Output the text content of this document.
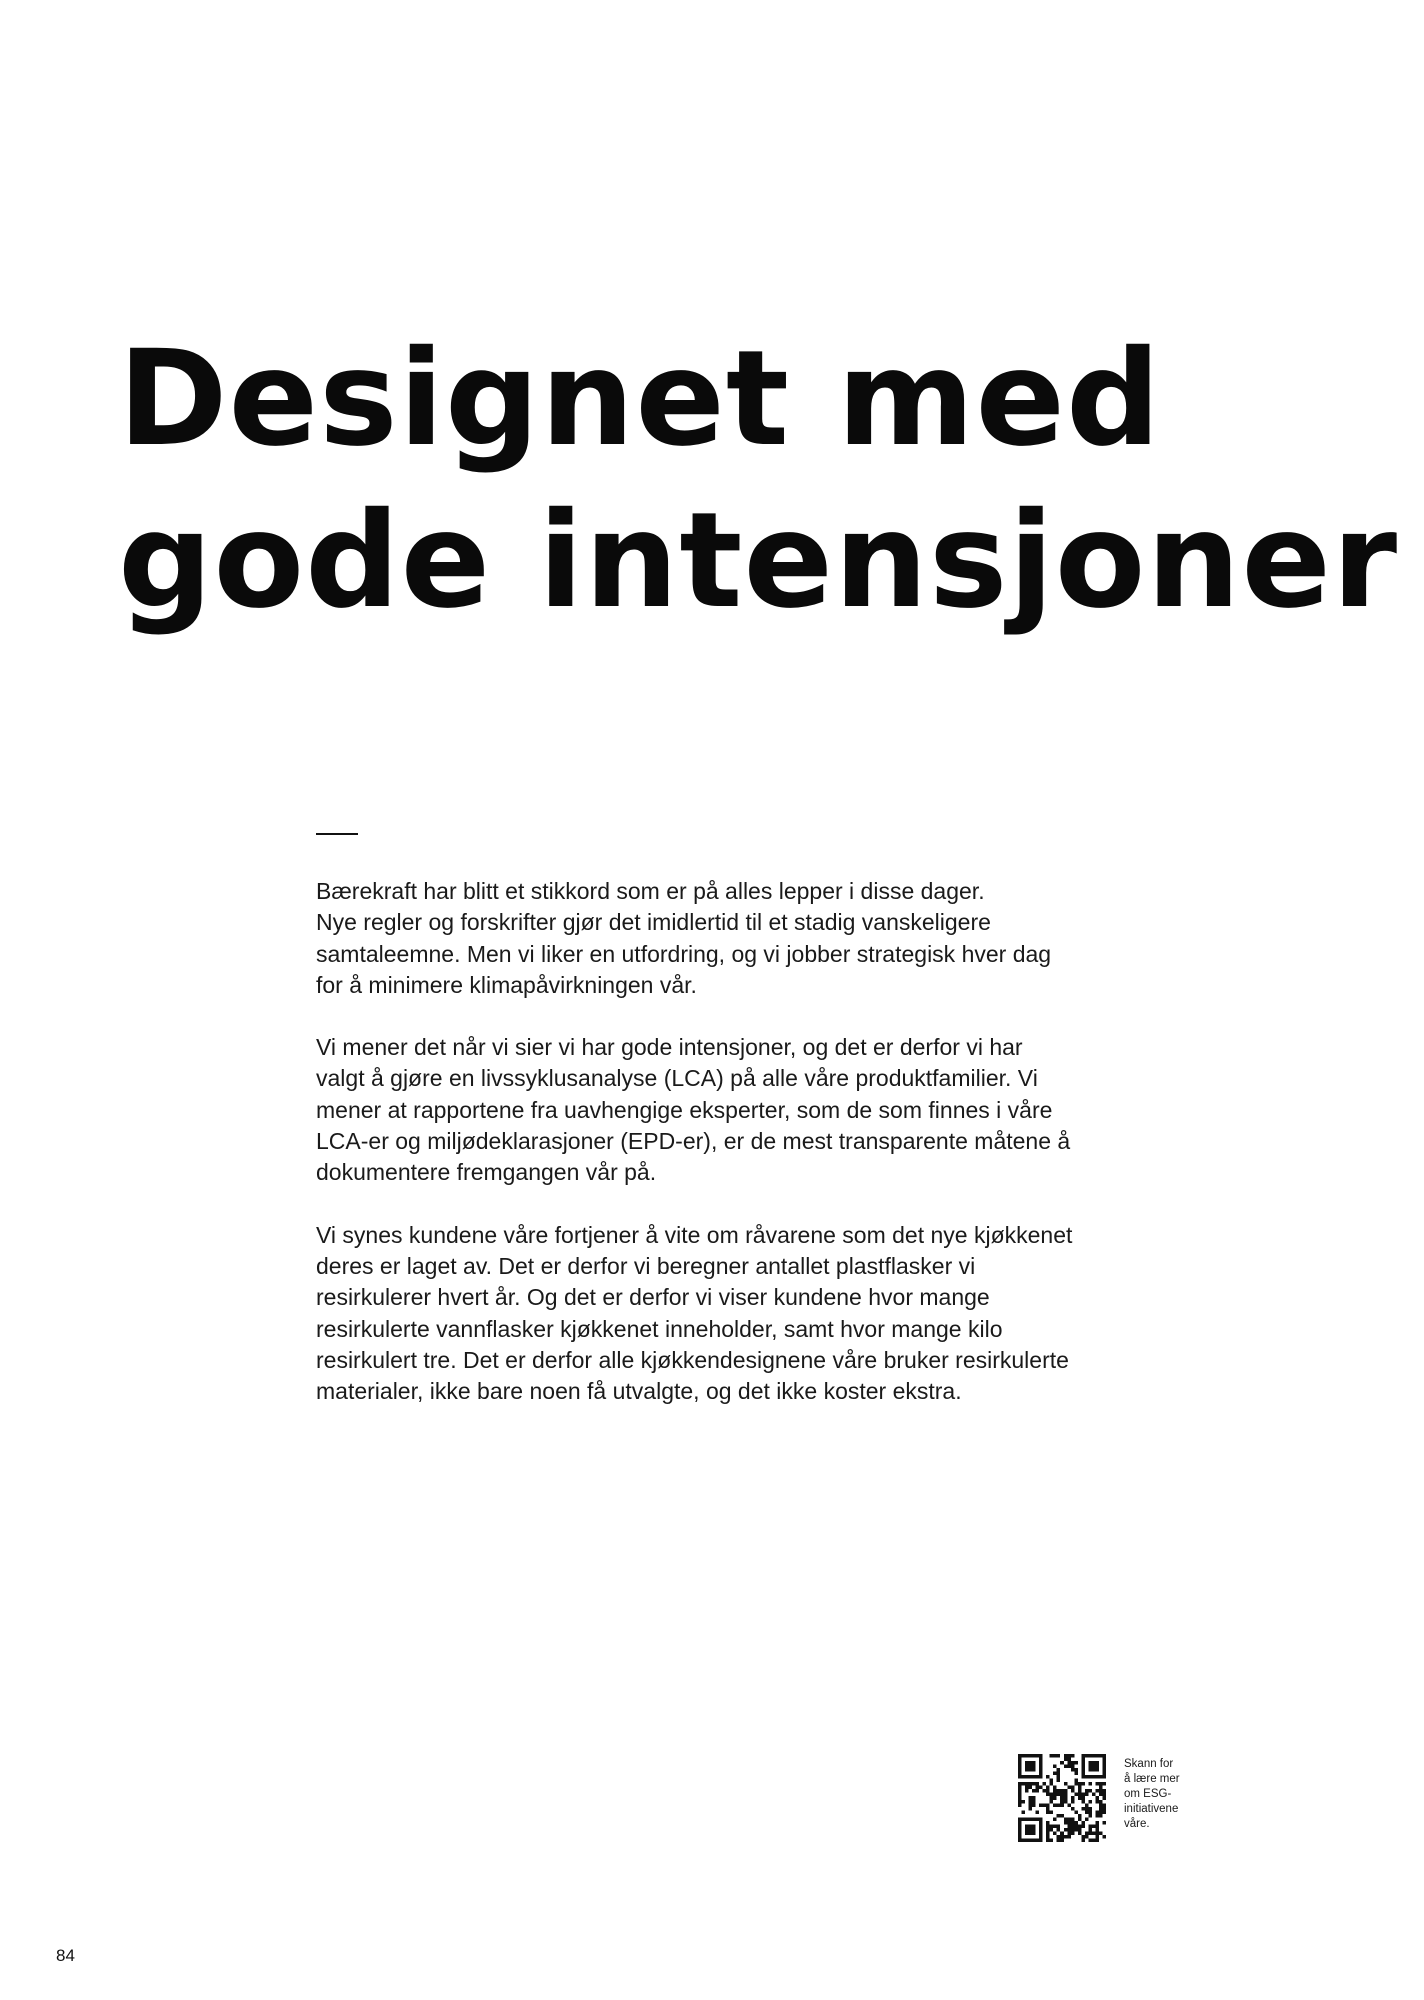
Designet med
gode intensjoner

Bærekraft har blitt et stikkord som er på alles lepper i disse dager.
Nye regler og forskrifter gjør det imidlertid til et stadig vanskeligere
samtaleemne. Men vi liker en utfordring, og vi jobber strategisk hver dag
for å minimere klimapåvirkningen vår.

Vi mener det når vi sier vi har gode intensjoner, og det er derfor vi har
valgt å gjøre en livssyklusanalyse (LCA) på alle våre produktfamilier. Vi
mener at rapportene fra uavhengige eksperter, som de som finnes i våre
LCA-er og miljødeklarasjoner (EPD-er), er de mest transparente måtene å
dokumentere fremgangen vår på.

Vi synes kundene våre fortjener å vite om råvarene som det nye kjøkkenet
deres er laget av. Det er derfor vi beregner antallet plastflasker vi
resirkulerer hvert år. Og det er derfor vi viser kundene hvor mange
resirkulerte vannflasker kjøkkenet inneholder, samt hvor mange kilo
resirkulert tre. Det er derfor alle kjøkkendesignene våre bruker resirkulerte
materialer, ikke bare noen få utvalgte, og det ikke koster ekstra.

Skann for
å lære mer
om ESG-
initiativene
våre.
84
